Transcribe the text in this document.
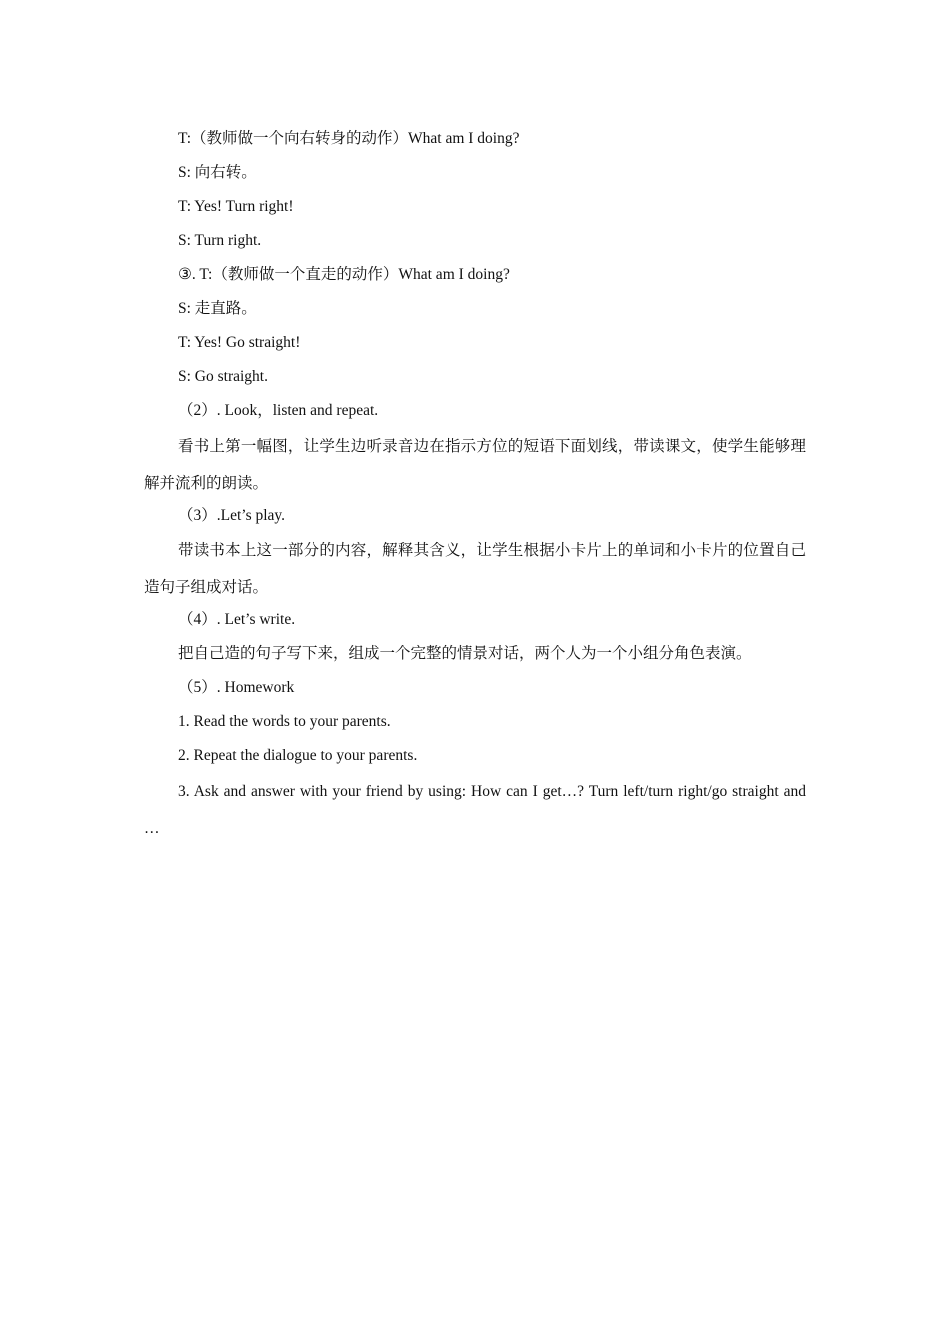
T:（教师做一个向右转身的动作）What am I doing?
S: 向右转。
T: Yes! Turn right!
S: Turn right.
③. T:（教师做一个直走的动作）What am I doing?
S: 走直路。
T: Yes! Go straight!
S: Go straight.
（2）. Look，listen and repeat.
看书上第一幅图，让学生边听录音边在指示方位的短语下面划线，带读课文，使学生能够理解并流利的朗读。
（3）.Let’s play.
带读书本上这一部分的内容，解释其含义，让学生根据小卡片上的单词和小卡片的位置自己造句子组成对话。
（4）. Let’s write.
把自己造的句子写下来，组成一个完整的情景对话，两个人为一个小组分角色表演。
（5）. Homework
1. Read the words to your parents.
2. Repeat the dialogue to your parents.
3. Ask and answer with your friend by using: How can I get…? Turn left/turn right/go straight and …
